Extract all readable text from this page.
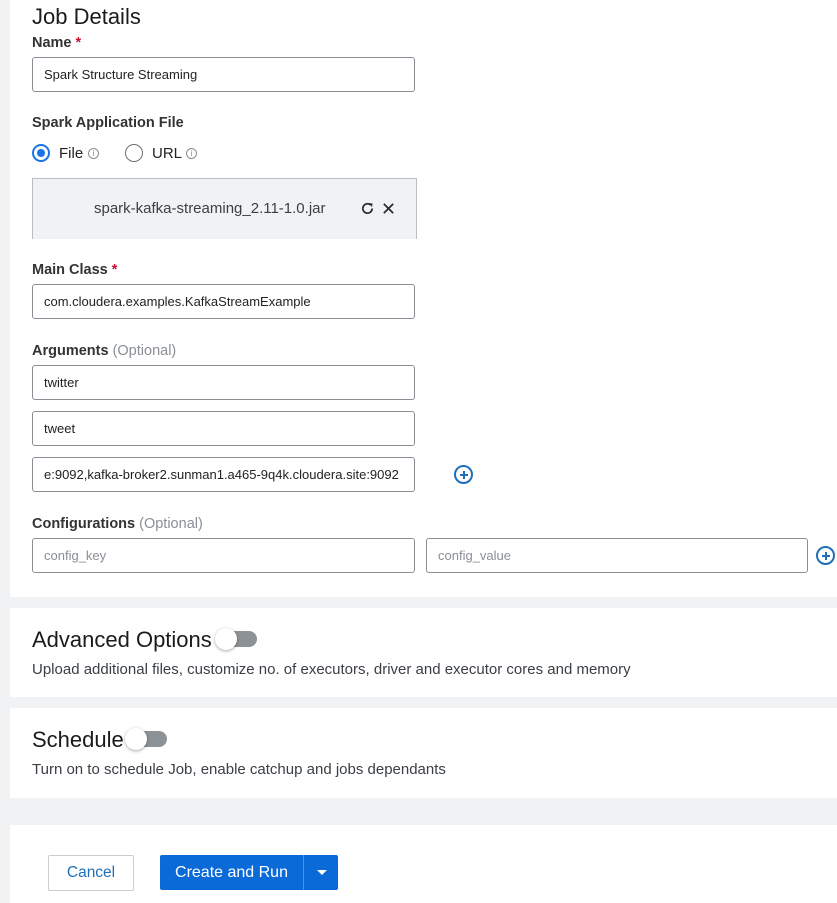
Job Details
Name *
Spark Structure Streaming
Spark Application File
File	i	URL	i
spark-kafka-streaming_2.11-1.0.jar
Main Class *
com.cloudera.examples.KafkaStreamExample
Arguments (Optional)
twitter
tweet
e:9092,kafka-broker2.sunman1.a465-9q4k.cloudera.site:9092
Configurations (Optional)
config_key
config_value
Advanced Options
Upload additional files, customize no. of executors, driver and executor cores and memory
Schedule
Turn on to schedule Job, enable catchup and jobs dependants
Cancel	Create and Run
